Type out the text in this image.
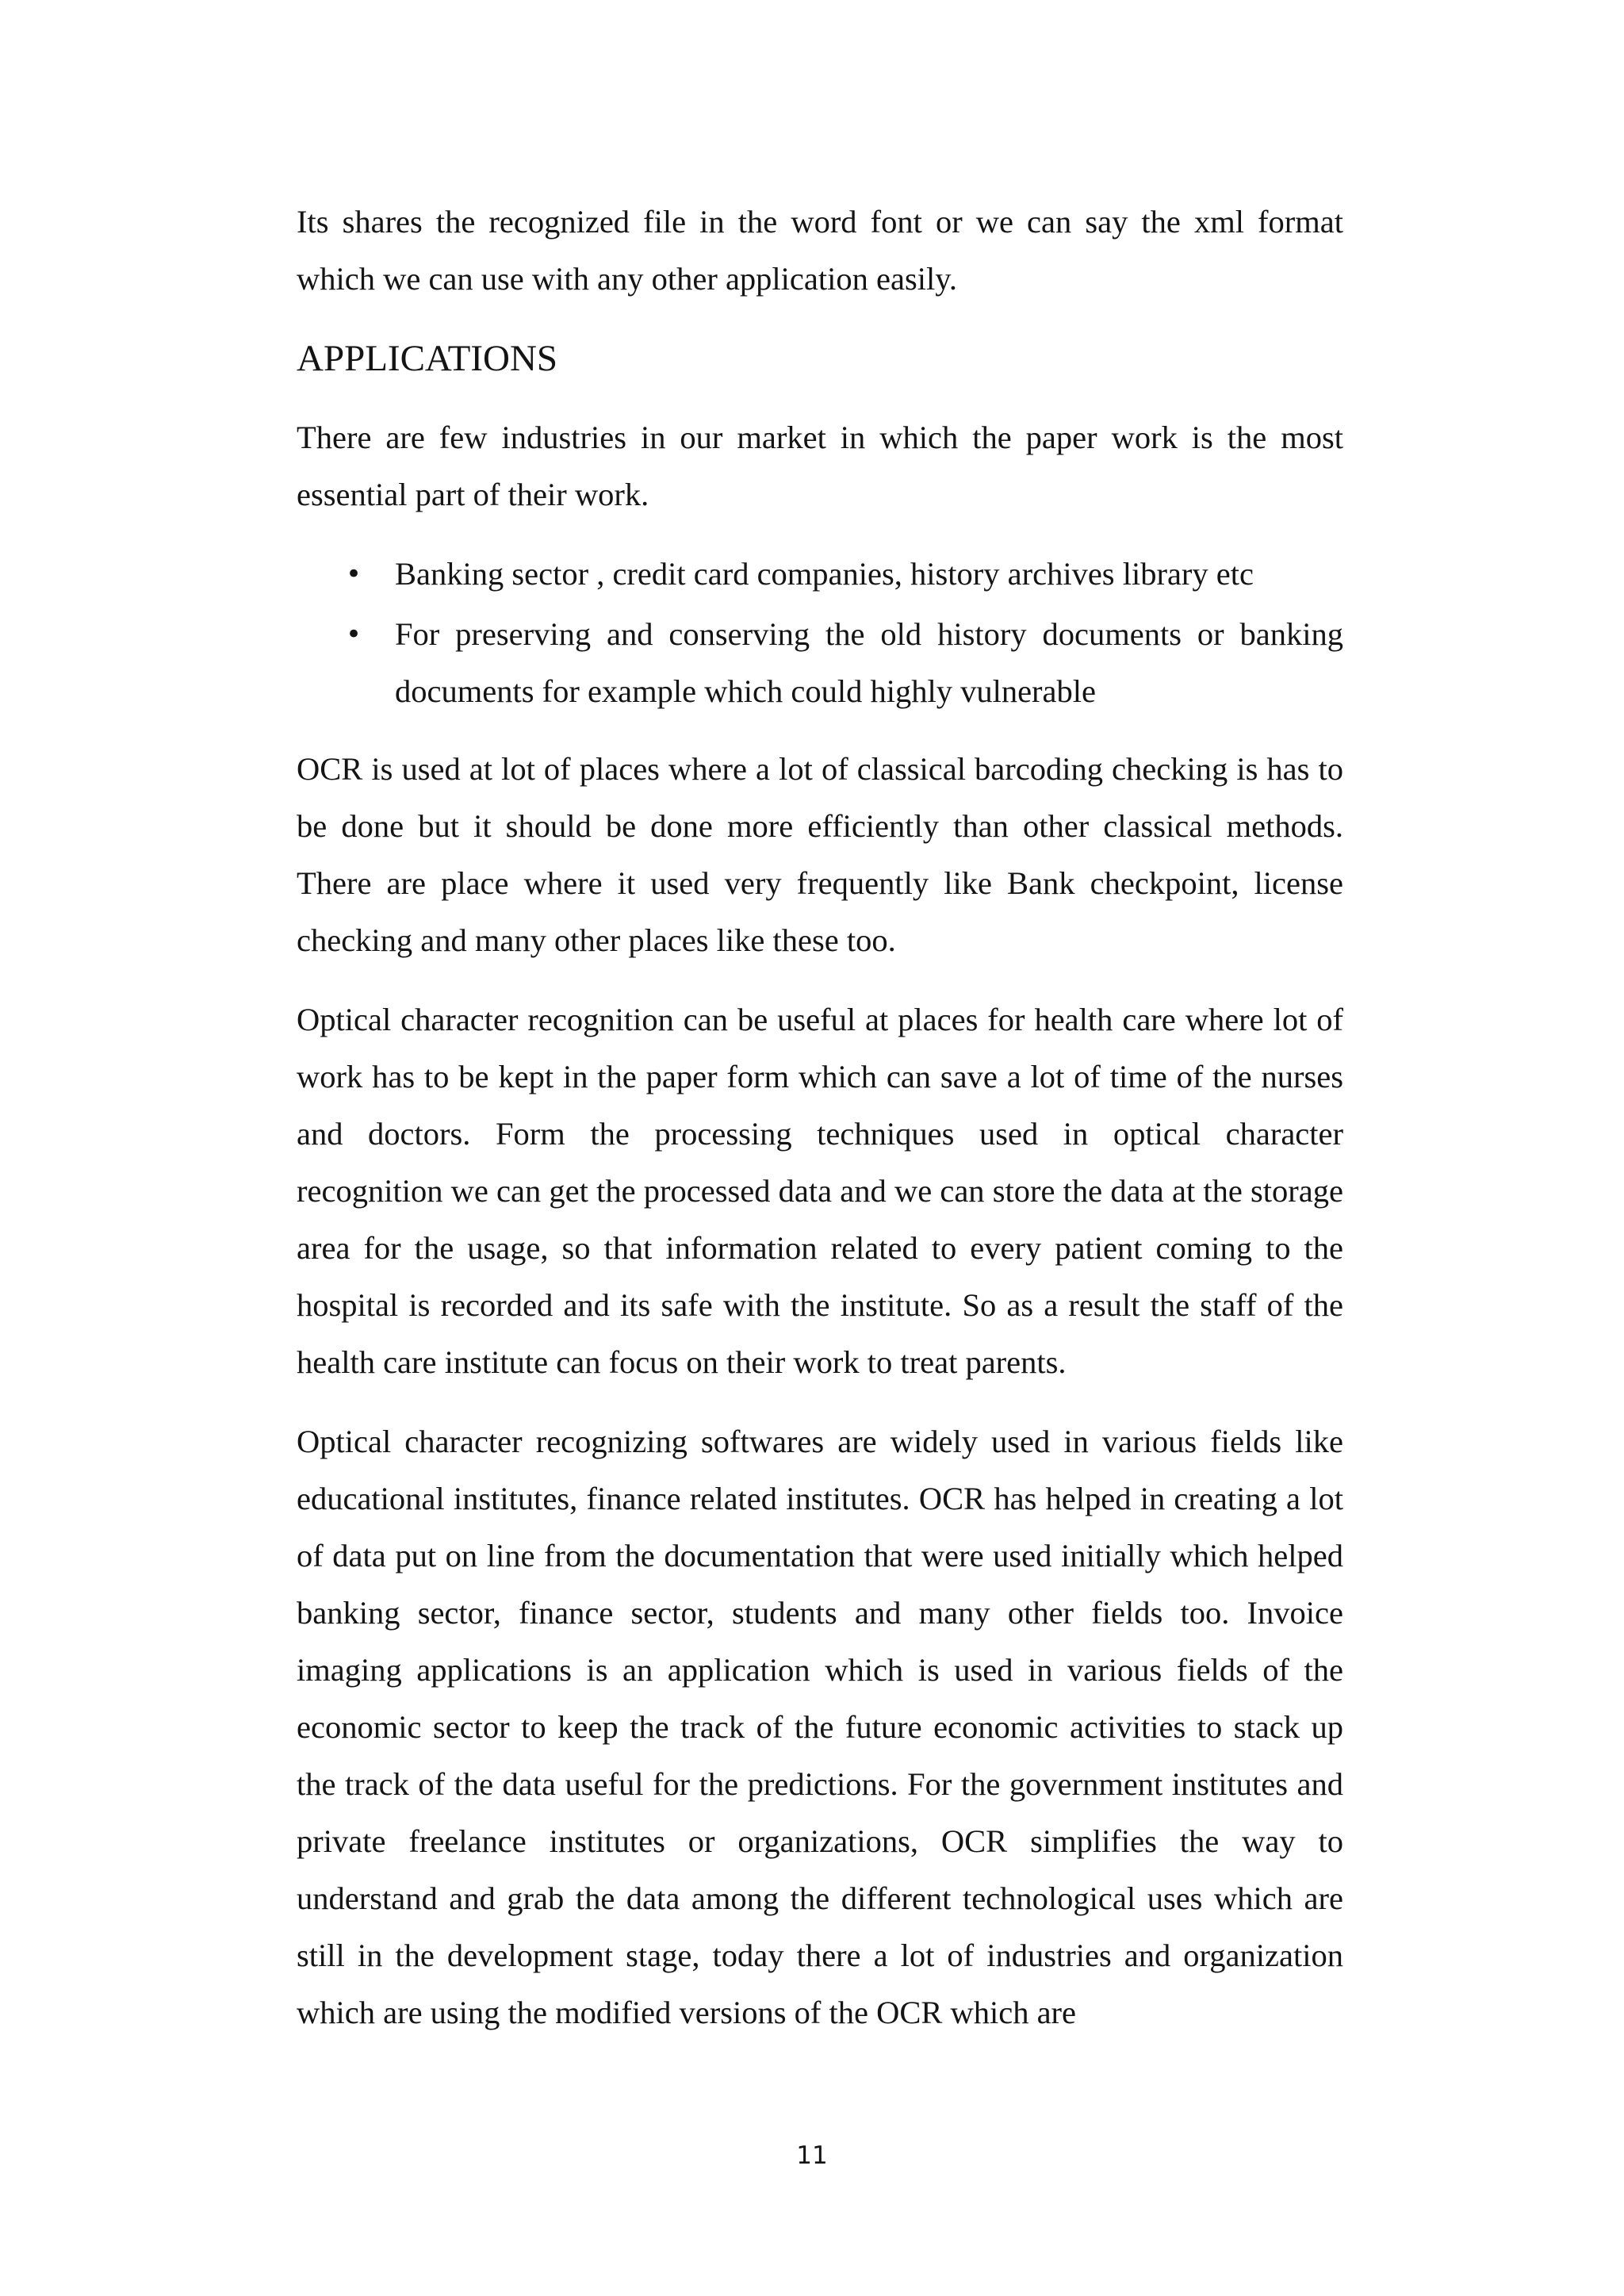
Its shares the recognized file in the word font or we can say the xml format which we can use with any other application easily.

APPLICATIONS

There are few industries in our market in which the paper work is the most essential part of their work.

• Banking sector , credit card companies, history archives library etc
• For preserving and conserving the old history documents or banking documents for example which could highly vulnerable

OCR is used at lot of places where a lot of classical barcoding checking is has to be done but it should be done more efficiently than other classical methods. There are place where it used very frequently like Bank checkpoint, license checking and many other places like these too.

Optical character recognition can be useful at places for health care where lot of work has to be kept in the paper form which can save a lot of time of the nurses and doctors. Form the processing techniques used in optical character recognition we can get the processed data and we can store the data at the storage area for the usage, so that information related to every patient coming to the hospital is recorded and its safe with the institute. So as a result the staff of the health care institute can focus on their work to treat parents.

Optical character recognizing softwares are widely used in various fields like educational institutes, finance related institutes. OCR has helped in creating a lot of data put on line from the documentation that were used initially which helped banking sector, finance sector, students and many other fields too. Invoice imaging applications is an application which is used in various fields of the economic sector to keep the track of the future economic activities to stack up the track of the data useful for the predictions. For the government institutes and private freelance institutes or organizations, OCR simplifies the way to understand and grab the data among the different technological uses which are still in the development stage, today there a lot of industries and organization which are using the modified versions of the OCR which are

11
